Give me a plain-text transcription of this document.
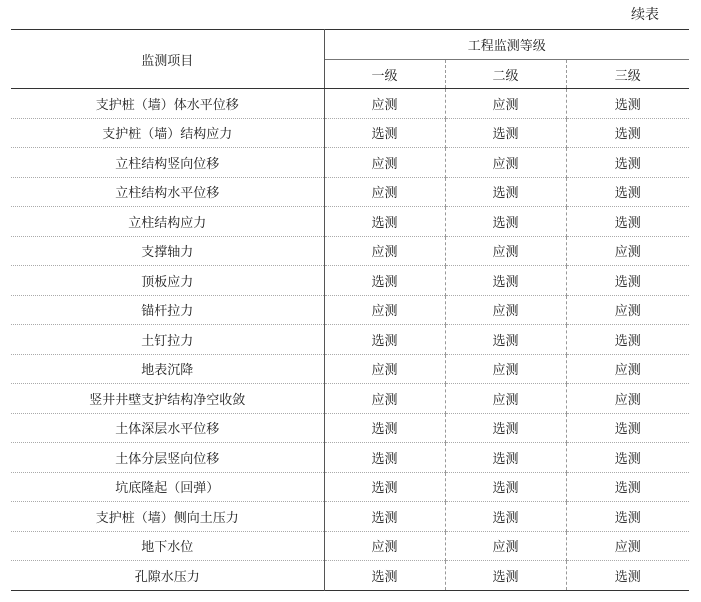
续表
监测项目	工程监测等级		
	一级	二级	三级
支护桩（墙）体水平位移	应测	应测	选测
支护桩（墙）结构应力	选测	选测	选测
立柱结构竖向位移	应测	应测	选测
立柱结构水平位移	应测	选测	选测
立柱结构应力	选测	选测	选测
支撑轴力	应测	应测	应测
顶板应力	选测	选测	选测
锚杆拉力	应测	应测	应测
土钉拉力	选测	选测	选测
地表沉降	应测	应测	应测
竖井井壁支护结构净空收敛	应测	应测	应测
土体深层水平位移	选测	选测	选测
土体分层竖向位移	选测	选测	选测
坑底隆起（回弹）	选测	选测	选测
支护桩（墙）侧向土压力	选测	选测	选测
地下水位	应测	应测	应测
孔隙水压力	选测	选测	选测
